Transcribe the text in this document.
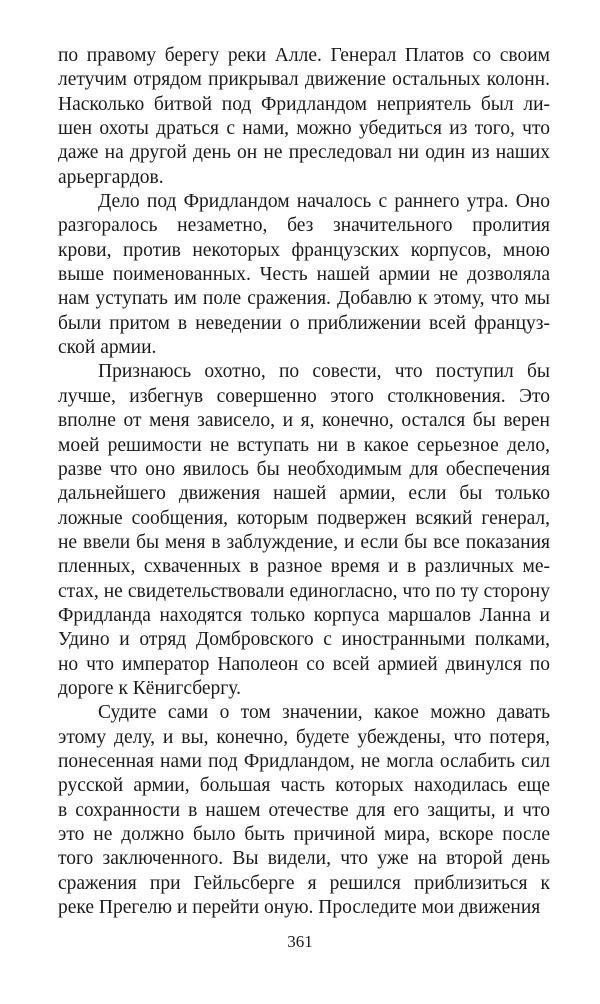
по правому берегу реки Алле. Генерал Платов со своим
летучим отрядом прикрывал движение остальных колонн.
Насколько битвой под Фридландом неприятель был ли-
шен охоты драться с нами, можно убедиться из того, что
даже на другой день он не преследовал ни один из наших
арьергардов.
Дело под Фридландом началось с раннего утра. Оно
разгоралось незаметно, без значительного пролития
крови, против некоторых французских корпусов, мною
выше поименованных. Честь нашей армии не дозволяла
нам уступать им поле сражения. Добавлю к этому, что мы
были притом в неведении о приближении всей француз-
ской армии.
Признаюсь охотно, по совести, что поступил бы
лучше, избегнув совершенно этого столкновения. Это
вполне от меня зависело, и я, конечно, остался бы верен
моей решимости не вступать ни в какое серьезное дело,
разве что оно явилось бы необходимым для обеспечения
дальнейшего движения нашей армии, если бы только
ложные сообщения, которым подвержен всякий генерал,
не ввели бы меня в заблуждение, и если бы все показания
пленных, схваченных в разное время и в различных ме-
стах, не свидетельствовали единогласно, что по ту сторону
Фридланда находятся только корпуса маршалов Ланна и
Удино и отряд Домбровского с иностранными полками,
но что император Наполеон со всей армией двинулся по
дороге к Кёнигсбергу.
Судите сами о том значении, какое можно давать
этому делу, и вы, конечно, будете убеждены, что потеря,
понесенная нами под Фридландом, не могла ослабить сил
русской армии, большая часть которых находилась еще
в сохранности в нашем отечестве для его защиты, и что
это не должно было быть причиной мира, вскоре после
того заключенного. Вы видели, что уже на второй день
сражения при Гейльсберге я решился приблизиться к
реке Прегелю и перейти оную. Проследите мои движения
361
